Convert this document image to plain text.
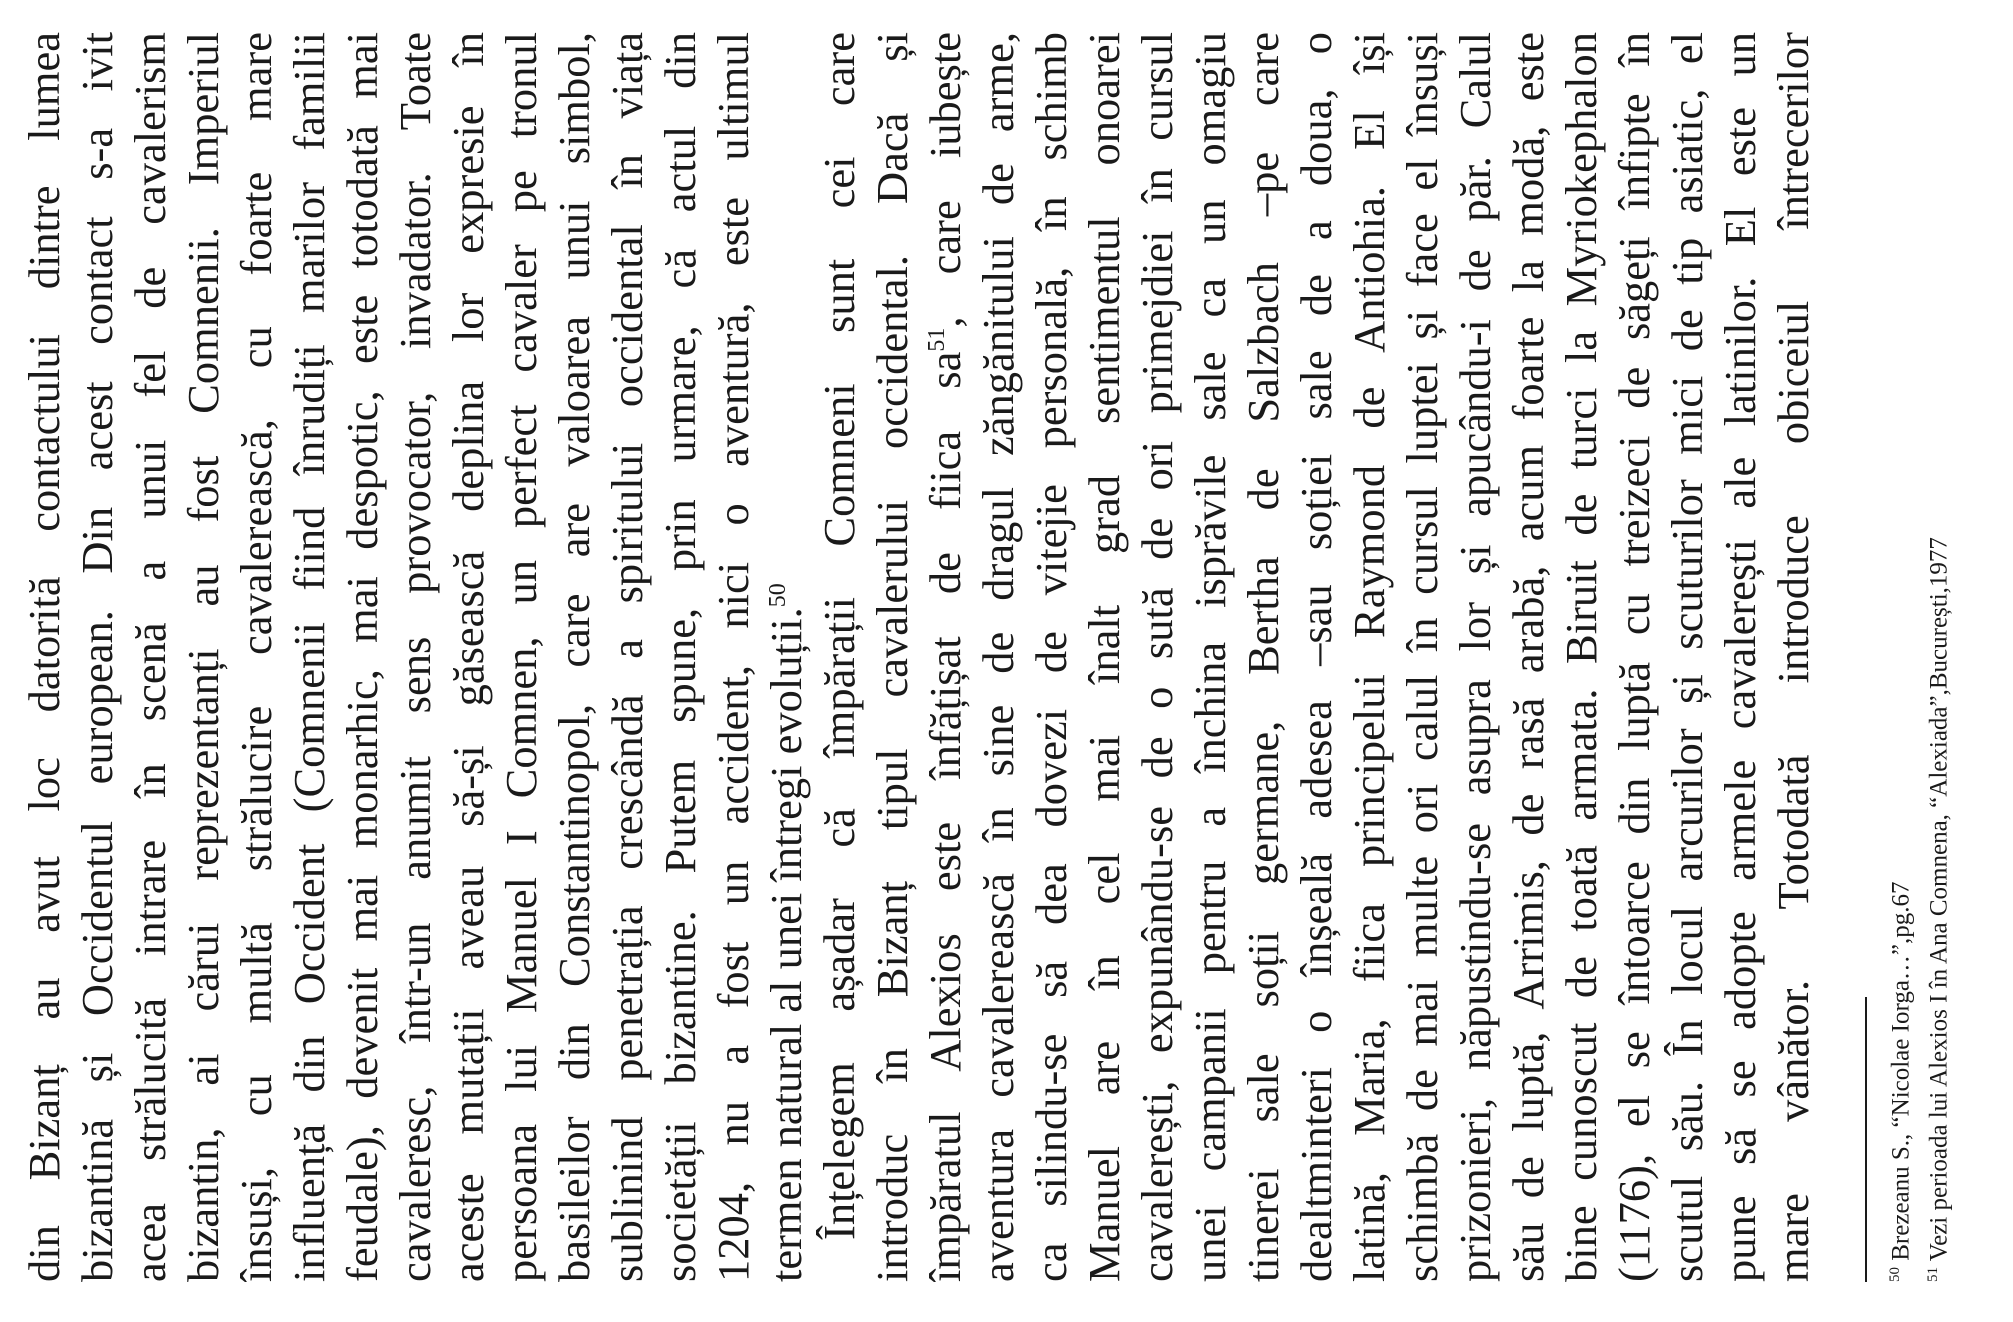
din Bizanț au avut loc datorită contactului dintre lumea bizantină și Occidentul european. Din acest contact s-a ivit acea strălucită intrare în scenă a unui fel de cavalerism bizantin, ai cărui reprezentanți au fost Comnenii. Imperiul însuși, cu multă strălucire cavalerească, cu foarte mare influență din Occident (Comnenii fiind înrudiți marilor familii feudale), devenit mai monarhic, mai despotic, este totodată mai cavaleresc, într-un anumit sens provocator, invadator. Toate aceste mutații aveau să-și găsească deplina lor expresie în persoana lui Manuel I Comnen, un perfect cavaler pe tronul basileilor din Constantinopol, care are valoarea unui simbol, sublinind penetrația crescândă a spiritului occidental în viața societății bizantine. Putem spune, prin urmare, că actul din 1204, nu a fost un accident, nici o aventură, este ultimul termen natural al unei întregi evoluții.$^{50}$ Înțelegem așadar că împărații Comneni sunt cei care introduc în Bizanț tipul cavalerului occidental. Dacă și împăratul Alexios este înfățișat de fiica sa$^{51}$, care iubește aventura cavalerească în sine de dragul zăngănitului de arme, ca silindu-se să dea dovezi de vitejie personală, în schimb Manuel are în cel mai înalt grad sentimentul onoarei cavalerești, expunându-se de o sută de ori primejdiei în cursul unei campanii pentru a închina isprăvile sale ca un omagiu tinerei sale soții germane, Bertha de Salzbach –pe care dealtminteri o înșeală adesea –sau soției sale de a doua, o latină, Maria, fiica principelui Raymond de Antiohia. El își schimbă de mai multe ori calul în cursul luptei și face el însuși prizonieri, năpustindu-se asupra lor și apucându-i de păr. Calul său de luptă, Arrimis, de rasă arabă, acum foarte la modă, este bine cunoscut de toată armata. Biruit de turci la Myriokephalon (1176), el se întoarce din luptă cu treizeci de săgeți înfipte în scutul său. În locul arcurilor și scuturilor mici de tip asiatic, el pune să se adopte armele cavalerești ale latinilor. El este un mare vânător. Totodată introduce obiceiul întrecerilor	$^{50}$ Brezeanu S., “Nicolae Iorga…”,pg.67
$^{51}$ Vezi perioada lui Alexios I în Ana Comnena, “Alexiada”,București,1977
